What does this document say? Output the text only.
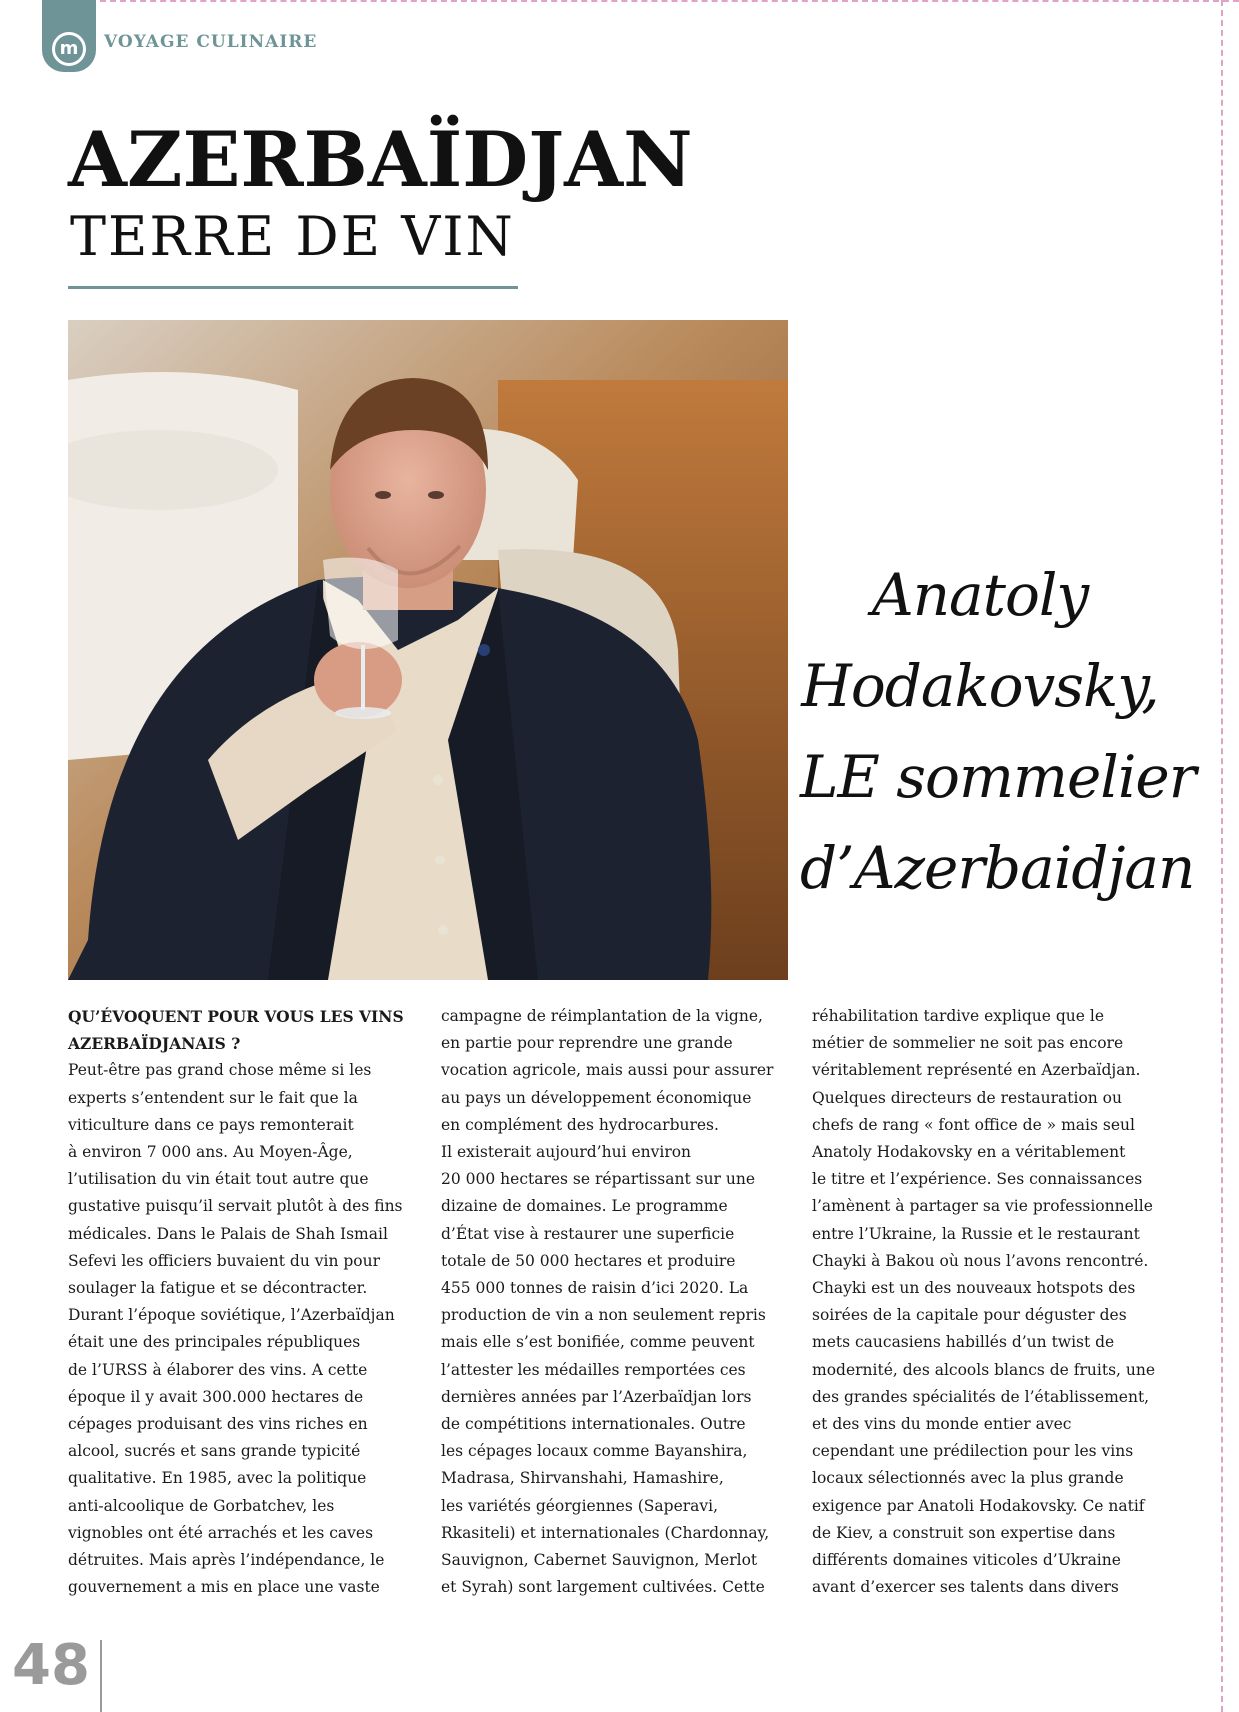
m VOYAGE CULINAIRE
AZERBAÏDJAN
TERRE DE VIN
Anatoly
Hodakovsky,
LE sommelier
d’Azerbaidjan

QU’ÉVOQUENT POUR VOUS LES VINS
AZERBAÏDJANAIS ?

Peut-être pas grand chose même si les
experts s’entendent sur le fait que la
viticulture dans ce pays remonterait
à environ 7 000 ans. Au Moyen-Âge,
l’utilisation du vin était tout autre que
gustative puisqu’il servait plutôt à des fins
médicales. Dans le Palais de Shah Ismail
Sefevi les officiers buvaient du vin pour
soulager la fatigue et se décontracter.
Durant l’époque soviétique, l’Azerbaïdjan
était une des principales républiques
de l’URSS à élaborer des vins. A cette
époque il y avait 300.000 hectares de
cépages produisant des vins riches en
alcool, sucrés et sans grande typicité
qualitative. En 1985, avec la politique
anti-alcoolique de Gorbatchev, les
vignobles ont été arrachés et les caves
détruites. Mais après l’indépendance, le
gouvernement a mis en place une vaste

campagne de réimplantation de la vigne,
en partie pour reprendre une grande
vocation agricole, mais aussi pour assurer
au pays un développement économique
en complément des hydrocarbures.
Il existerait aujourd’hui environ
20 000 hectares se répartissant sur une
dizaine de domaines. Le programme
d’État vise à restaurer une superficie
totale de 50 000 hectares et produire
455 000 tonnes de raisin d’ici 2020. La
production de vin a non seulement repris
mais elle s’est bonifiée, comme peuvent
l’attester les médailles remportées ces
dernières années par l’Azerbaïdjan lors
de compétitions internationales. Outre
les cépages locaux comme Bayanshira,
Madrasa, Shirvanshahi, Hamashire,
les variétés géorgiennes (Saperavi,
Rkasiteli) et internationales (Chardonnay,
Sauvignon, Cabernet Sauvignon, Merlot
et Syrah) sont largement cultivées. Cette

réhabilitation tardive explique que le
métier de sommelier ne soit pas encore
véritablement représenté en Azerbaïdjan.
Quelques directeurs de restauration ou
chefs de rang « font office de » mais seul
Anatoly Hodakovsky en a véritablement
le titre et l’expérience. Ses connaissances
l’amènent à partager sa vie professionnelle
entre l’Ukraine, la Russie et le restaurant
Chayki à Bakou où nous l’avons rencontré.
Chayki est un des nouveaux hotspots des
soirées de la capitale pour déguster des
mets caucasiens habillés d’un twist de
modernité, des alcools blancs de fruits, une
des grandes spécialités de l’établissement,
et des vins du monde entier avec
cependant une prédilection pour les vins
locaux sélectionnés avec la plus grande
exigence par Anatoli Hodakovsky. Ce natif
de Kiev, a construit son expertise dans
différents domaines viticoles d’Ukraine
avant d’exercer ses talents dans divers

48
